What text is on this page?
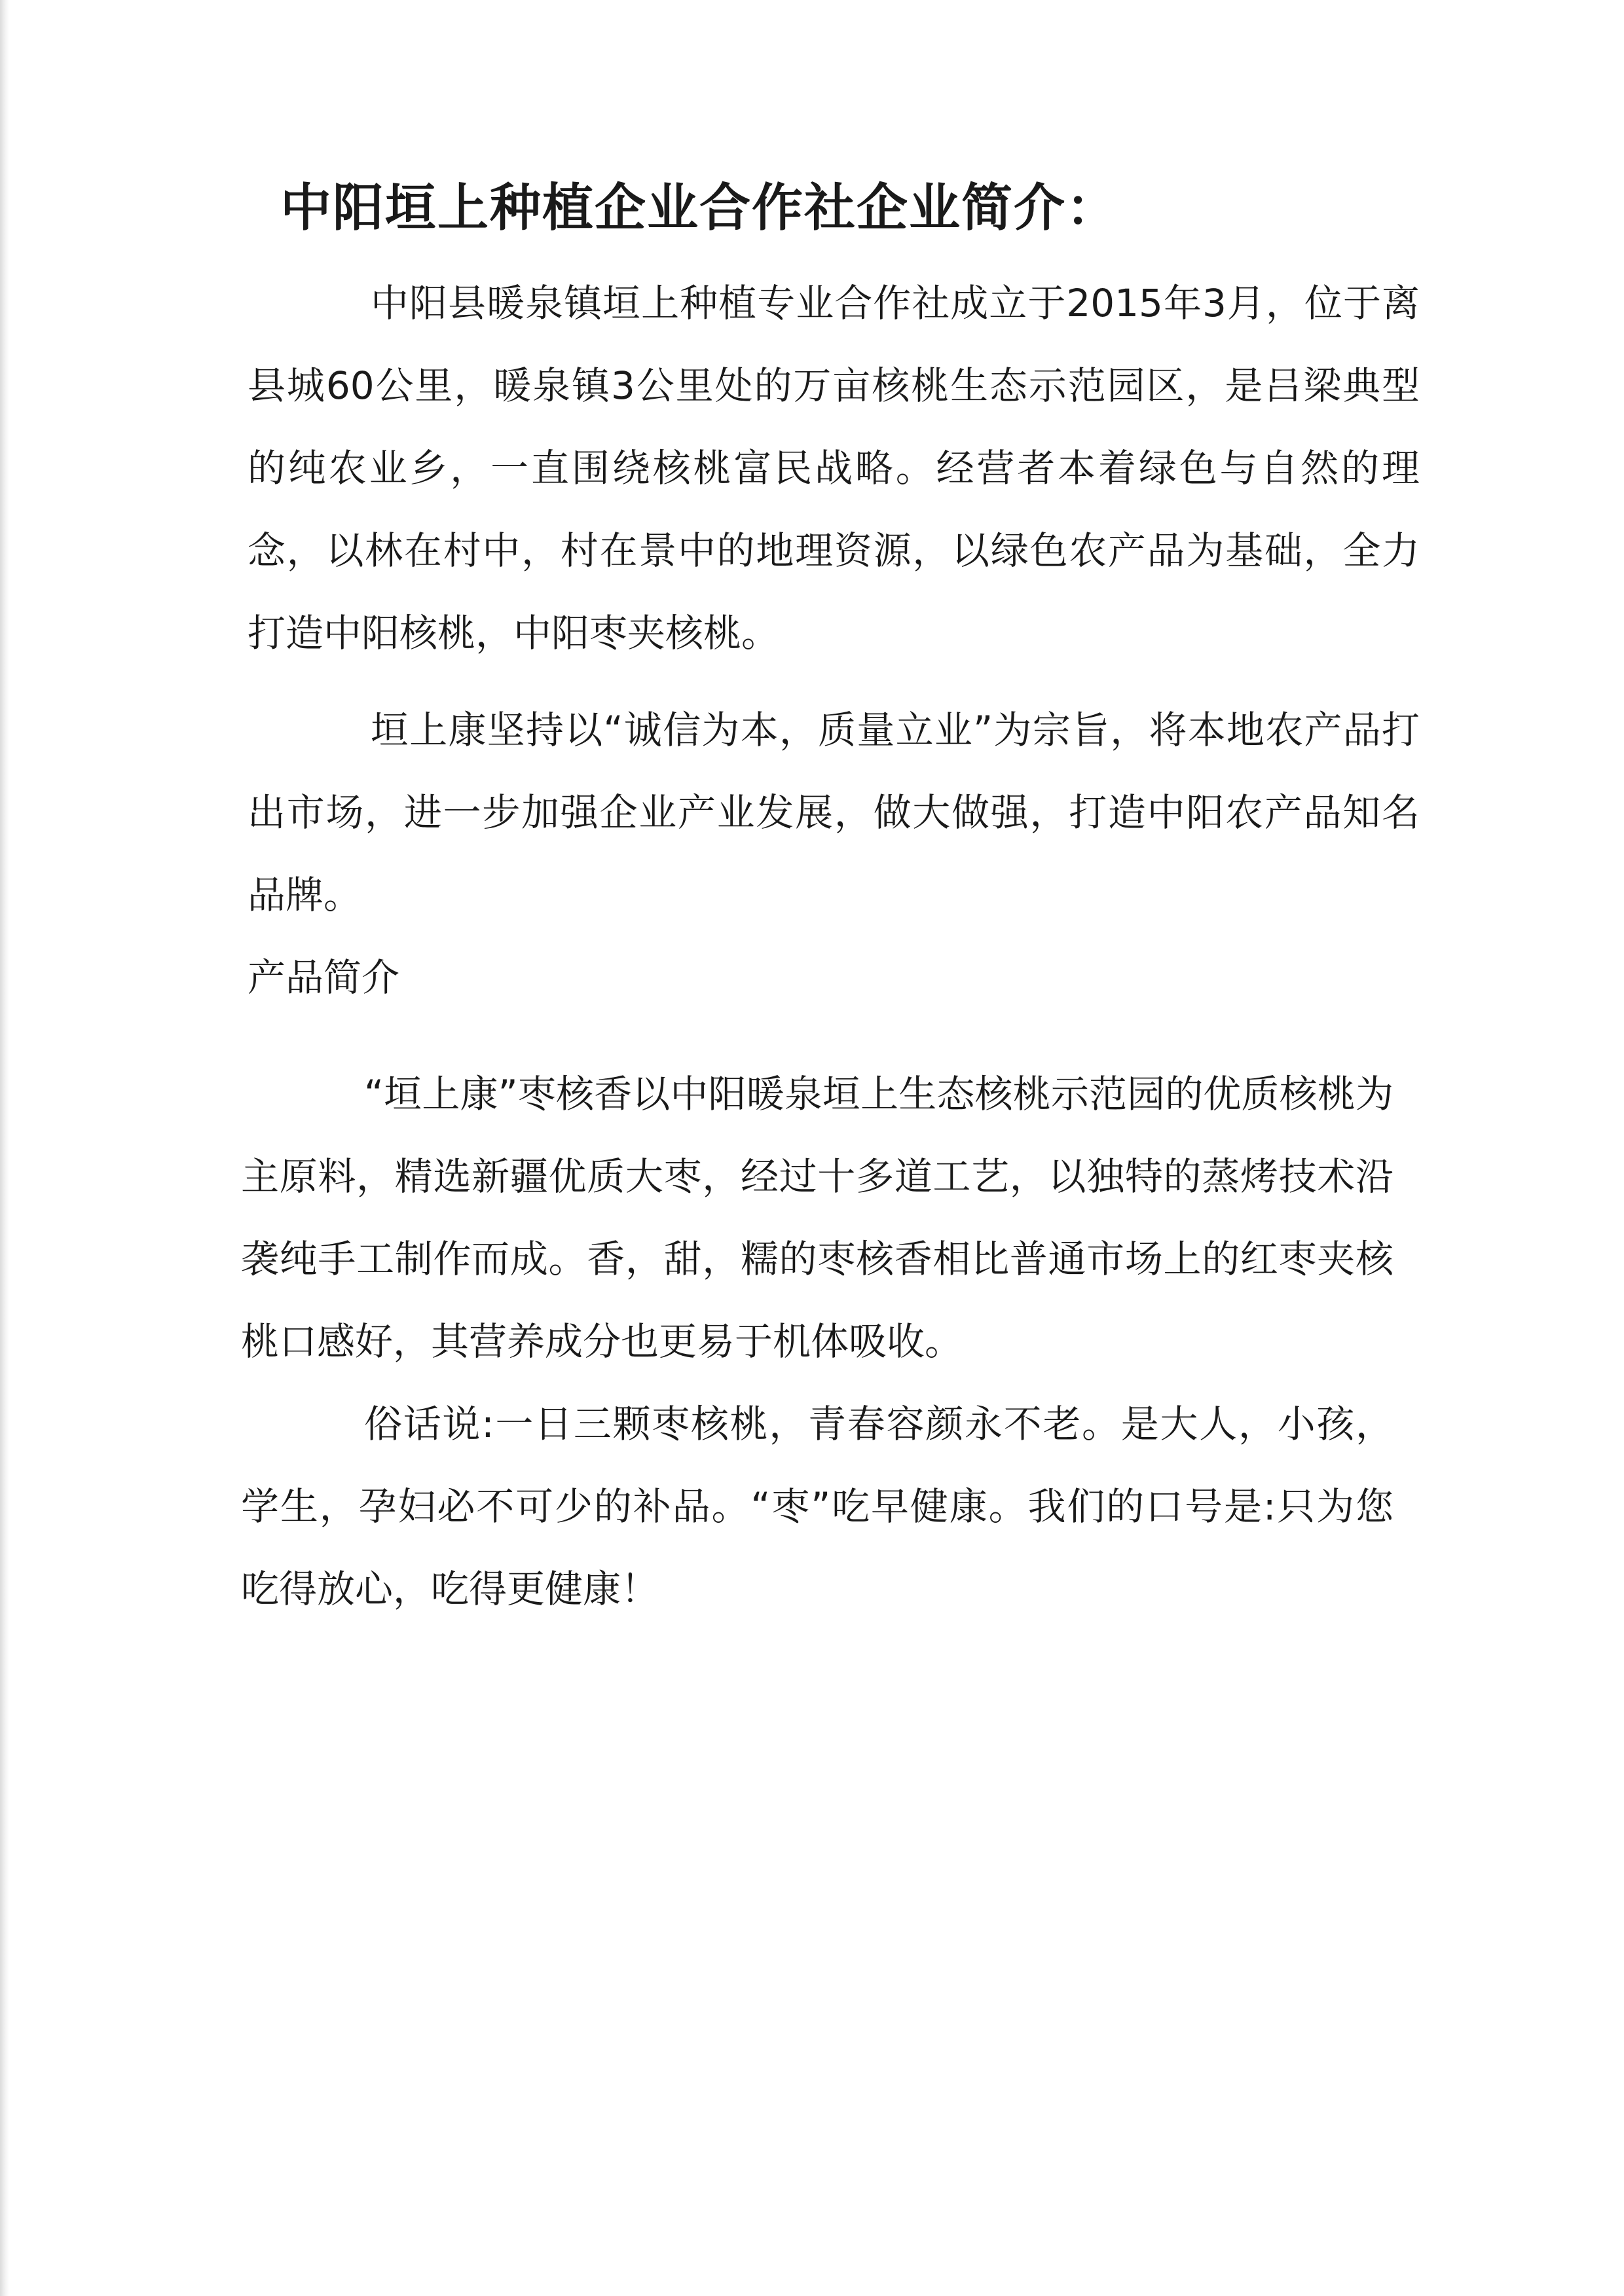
中阳垣上种植企业合作社企业简介：

中阳县暖泉镇垣上种植专业合作社成立于2015年3月，位于离县城60公里，暖泉镇3公里处的万亩核桃生态示范园区，是吕梁典型的纯农业乡，一直围绕核桃富民战略。经营者本着绿色与自然的理念，以林在村中，村在景中的地理资源，以绿色农产品为基础，全力打造中阳核桃，中阳枣夹核桃。

垣上康坚持以“诚信为本，质量立业”为宗旨，将本地农产品打出市场，进一步加强企业产业发展，做大做强，打造中阳农产品知名品牌。

产品简介

“垣上康”枣核香以中阳暖泉垣上生态核桃示范园的优质核桃为主原料，精选新疆优质大枣，经过十多道工艺，以独特的蒸烤技术沿袭纯手工制作而成。香，甜，糯的枣核香相比普通市场上的红枣夹核桃口感好，其营养成分也更易于机体吸收。

俗话说:一日三颗枣核桃，青春容颜永不老。是大人，小孩，学生，孕妇必不可少的补品。“枣”吃早健康。我们的口号是:只为您吃得放心，吃得更健康！
